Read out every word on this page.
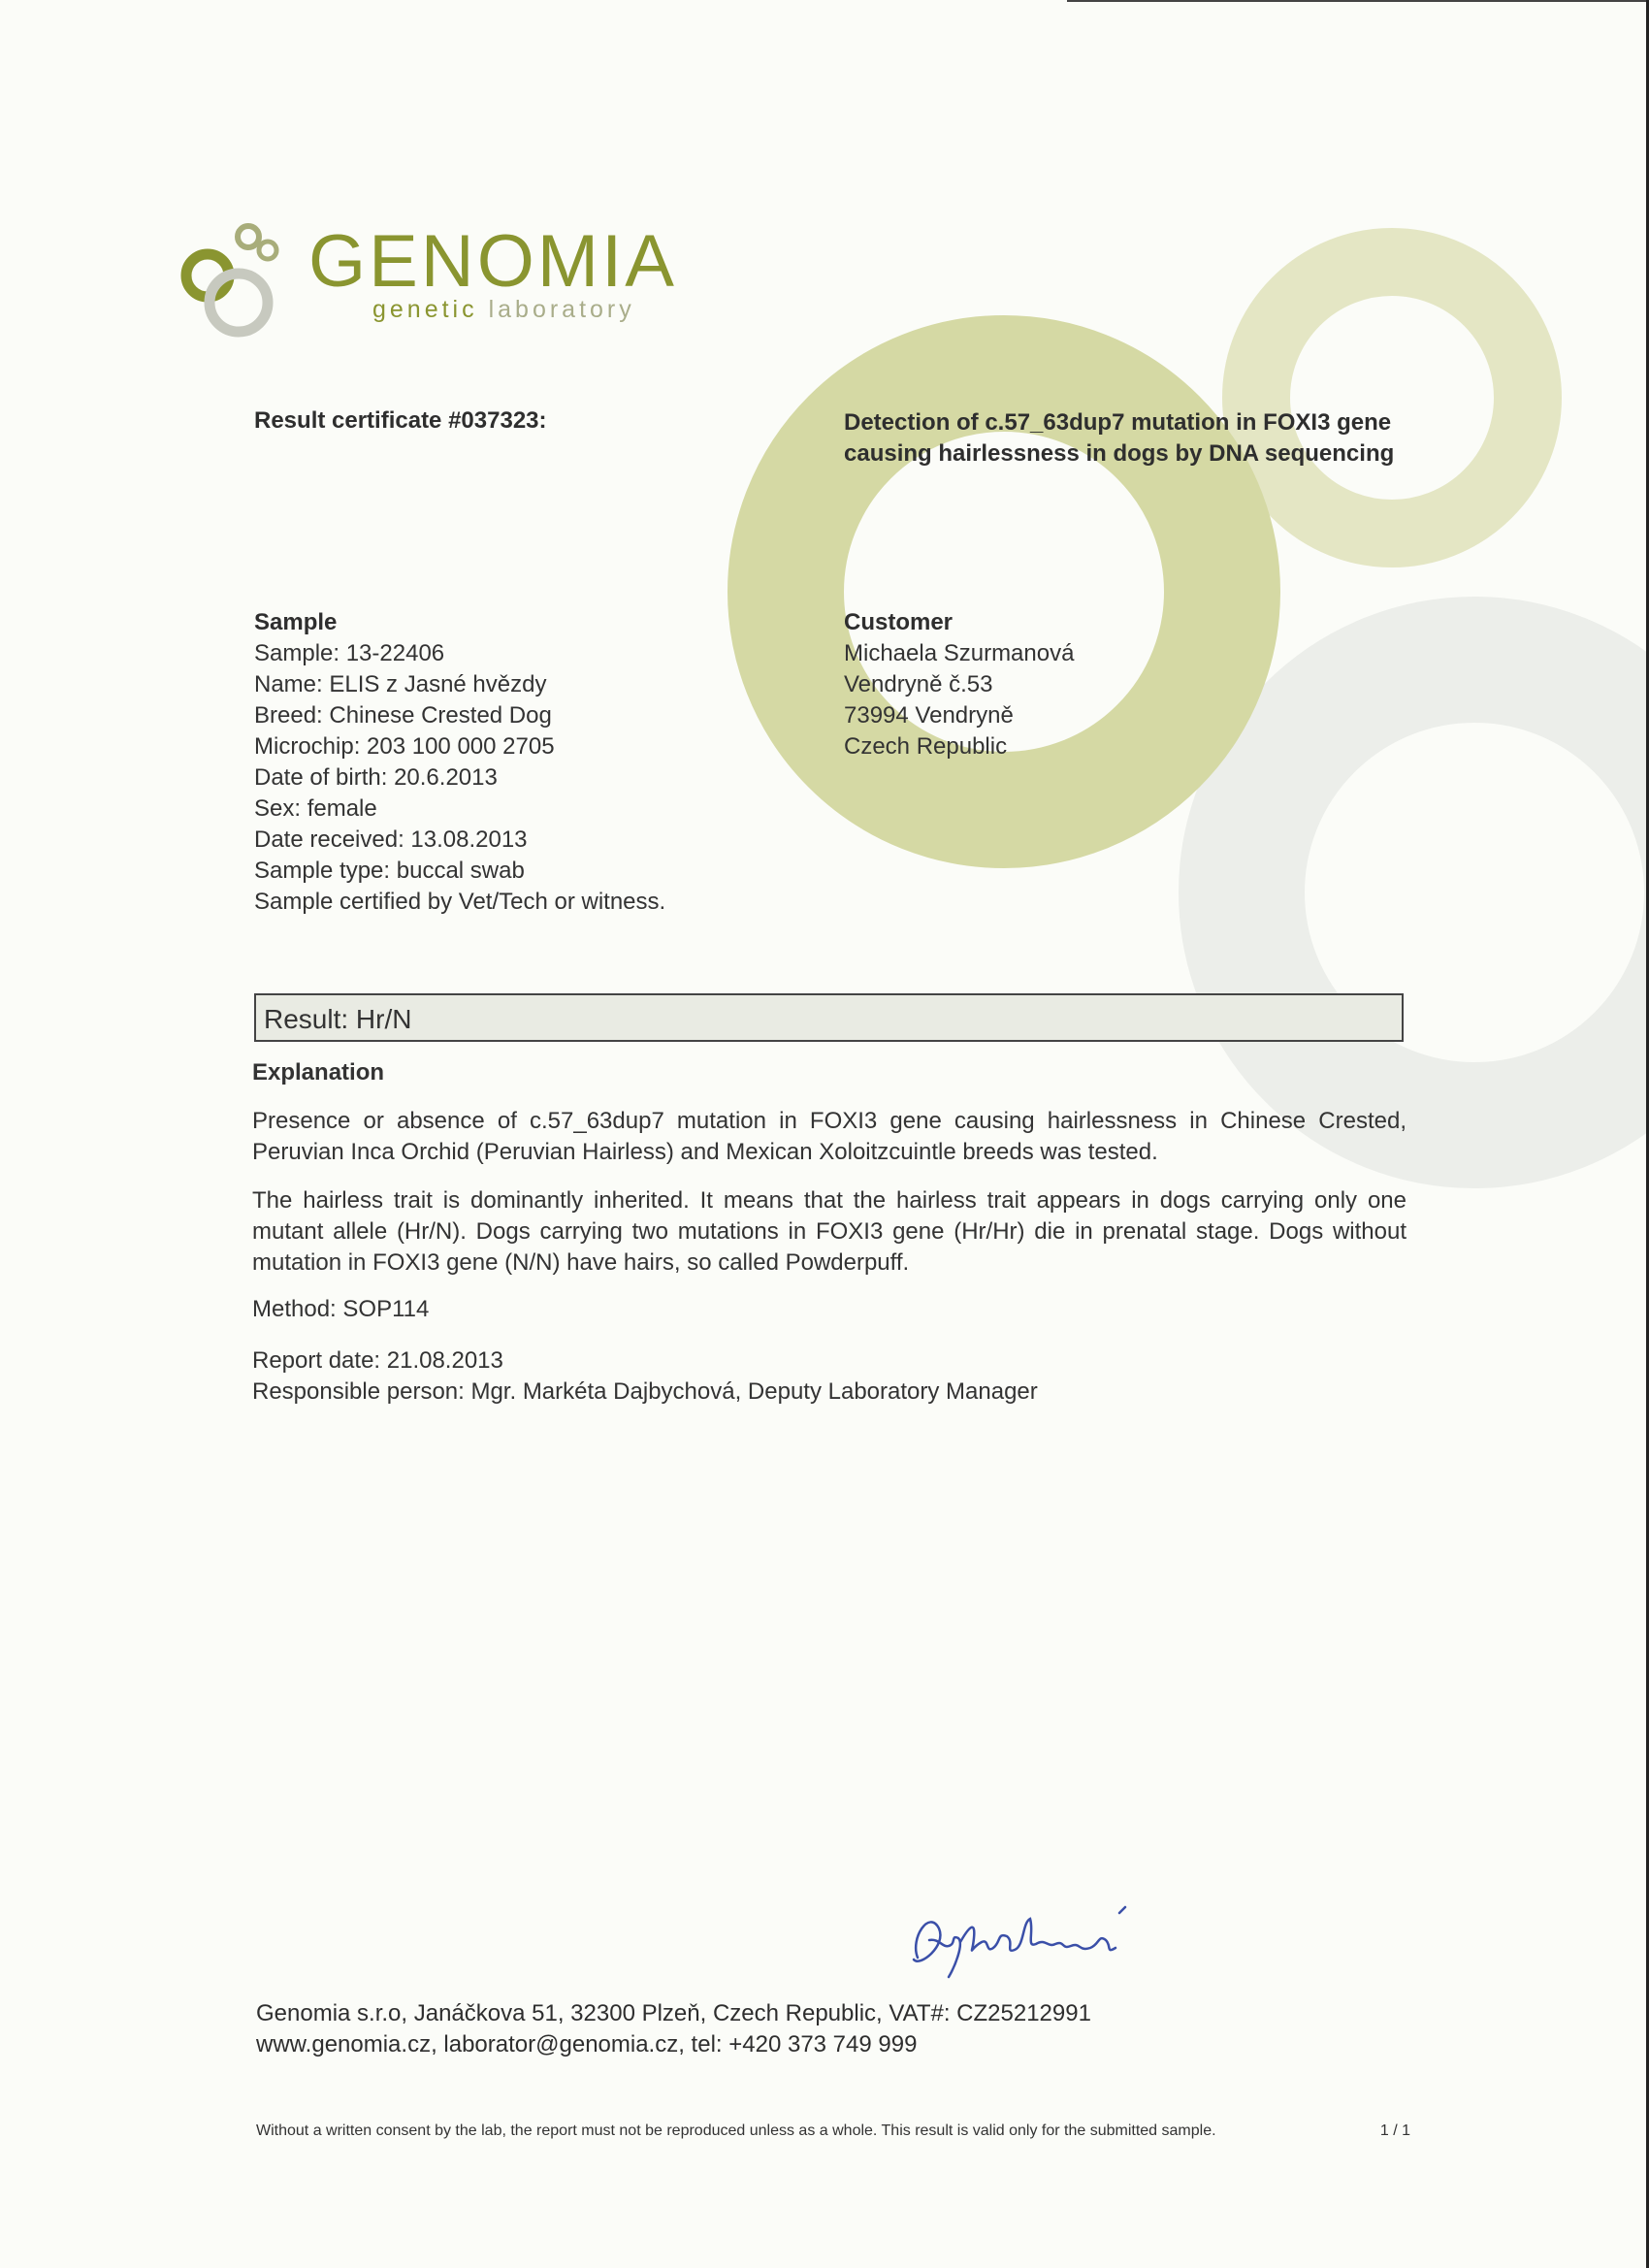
GENOMIA
genetic laboratory
Result certificate #037323:	Detection of c.57_63dup7 mutation in FOXI3 gene causing hairlessness in dogs by DNA sequencing
Sample
Sample: 13-22406
Name: ELIS z Jasné hvězdy
Breed: Chinese Crested Dog
Microchip: 203 100 000 2705
Date of birth: 20.6.2013
Sex: female
Date received: 13.08.2013
Sample type: buccal swab
Sample certified by Vet/Tech or witness.
Customer
Michaela Szurmanová
Vendryně č.53
73994 Vendryně
Czech Republic
Result: Hr/N
Explanation
Presence or absence of c.57_63dup7 mutation in FOXI3 gene causing hairlessness in Chinese Crested, Peruvian Inca Orchid (Peruvian Hairless) and Mexican Xoloitzcuintle breeds was tested.
The hairless trait is dominantly inherited. It means that the hairless trait appears in dogs carrying only one mutant allele (Hr/N). Dogs carrying two mutations in FOXI3 gene (Hr/Hr) die in prenatal stage. Dogs without mutation in FOXI3 gene (N/N) have hairs, so called Powderpuff.
Method: SOP114
Report date: 21.08.2013
Responsible person: Mgr. Markéta Dajbychová, Deputy Laboratory Manager
Genomia s.r.o, Janáčkova 51, 32300 Plzeň, Czech Republic, VAT#: CZ25212991
www.genomia.cz, laborator@genomia.cz, tel: +420 373 749 999
Without a written consent by the lab, the report must not be reproduced unless as a whole. This result is valid only for the submitted sample.	1 / 1
